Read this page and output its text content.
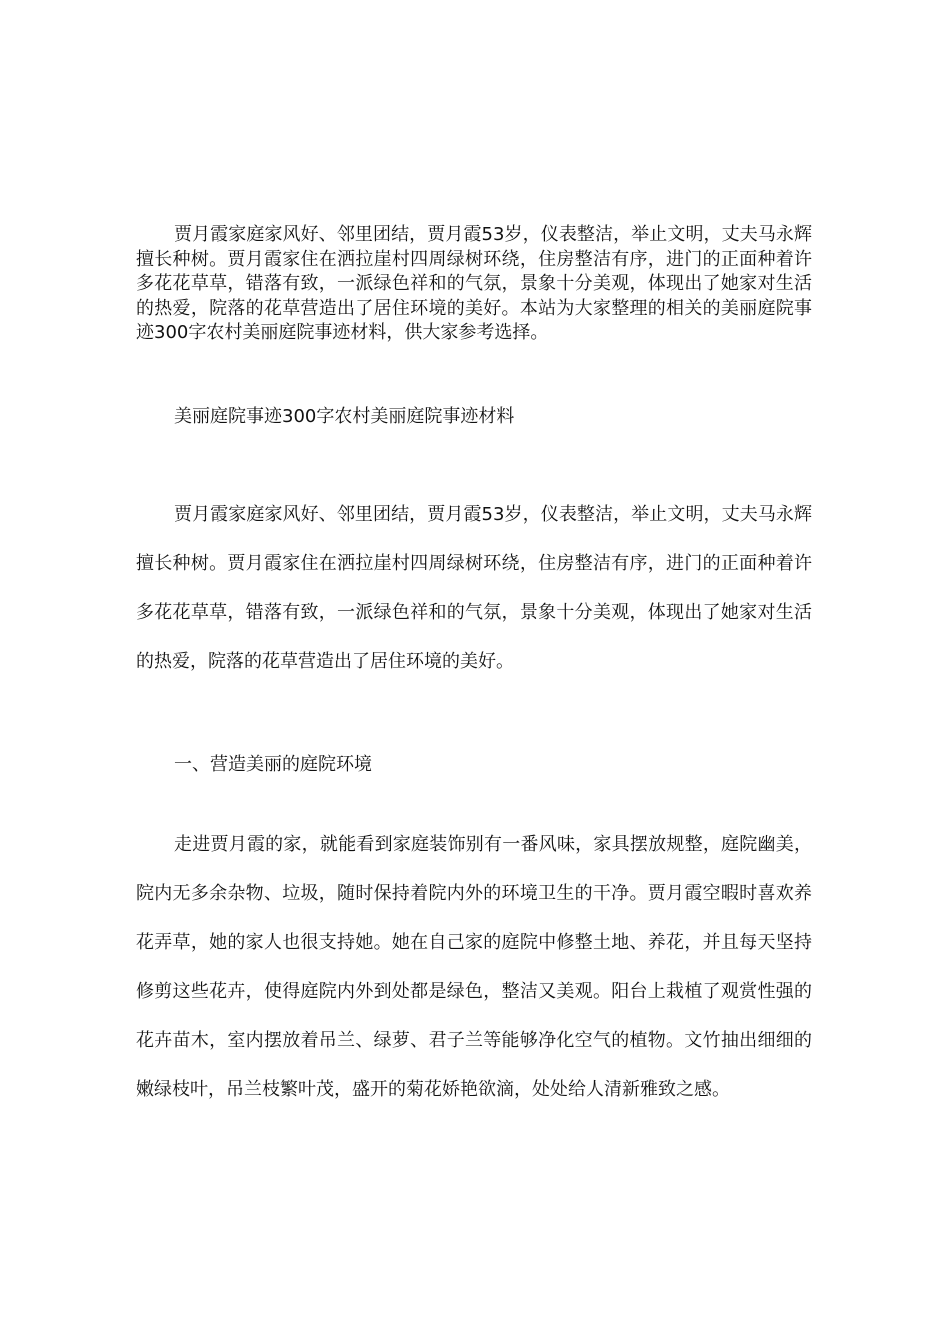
贾月霞家庭家风好、邻里团结，贾月霞53岁，仪表整洁，举止文明，丈夫马永辉擅长种树。贾月霞家住在洒拉崖村四周绿树环绕，住房整洁有序，进门的正面种着许多花花草草，错落有致，一派绿色祥和的气氛，景象十分美观，体现出了她家对生活的热爱，院落的花草营造出了居住环境的美好。本站为大家整理的相关的美丽庭院事迹300字农村美丽庭院事迹材料，供大家参考选择。

美丽庭院事迹300字农村美丽庭院事迹材料

贾月霞家庭家风好、邻里团结，贾月霞53岁，仪表整洁，举止文明，丈夫马永辉擅长种树。贾月霞家住在洒拉崖村四周绿树环绕，住房整洁有序，进门的正面种着许多花花草草，错落有致，一派绿色祥和的气氛，景象十分美观，体现出了她家对生活的热爱，院落的花草营造出了居住环境的美好。

一、营造美丽的庭院环境

走进贾月霞的家，就能看到家庭装饰别有一番风味，家具摆放规整，庭院幽美，院内无多余杂物、垃圾，随时保持着院内外的环境卫生的干净。贾月霞空暇时喜欢养花弄草，她的家人也很支持她。她在自己家的庭院中修整土地、养花，并且每天坚持修剪这些花卉，使得庭院内外到处都是绿色，整洁又美观。阳台上栽植了观赏性强的花卉苗木，室内摆放着吊兰、绿萝、君子兰等能够净化空气的植物。文竹抽出细细的嫩绿枝叶，吊兰枝繁叶茂，盛开的菊花娇艳欲滴，处处给人清新雅致之感。
